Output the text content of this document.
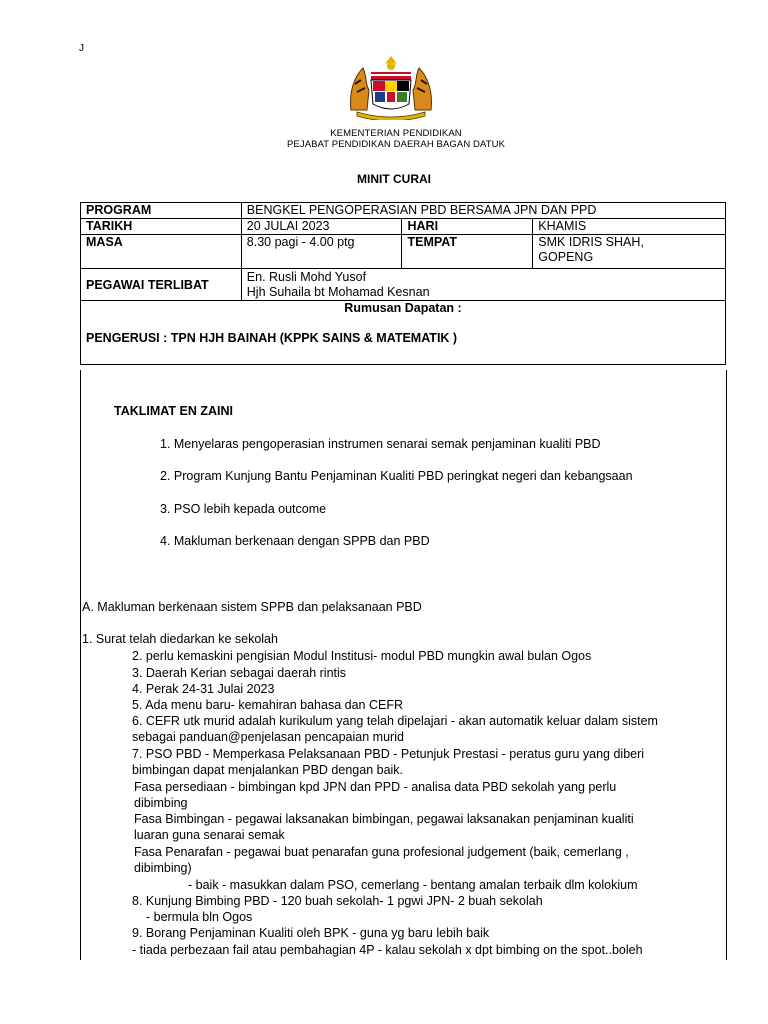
J
KEMENTERIAN PENDIDIKAN
PEJABAT PENDIDIKAN DAERAH BAGAN DATUK
MINIT CURAI
PROGRAM	BENGKEL PENGOPERASIAN PBD BERSAMA JPN DAN PPD		
TARIKH	20 JULAI 2023	HARI	KHAMIS
MASA	8.30 pagi - 4.00 ptg	TEMPAT	SMK IDRIS SHAH,
GOPENG

PEGAWAI TERLIBAT	En. Rusli Mohd Yusof
Hjh Suhaila bt Mohamad Kesnan		

Rumusan Dapatan :
PENGERUSI : TPN HJH BAINAH (KPPK SAINS & MATEMATIK )			
TAKLIMAT EN ZAINI
1. Menyelaras pengoperasian instrumen senarai semak penjaminan kualiti PBD
2. Program Kunjung Bantu Penjaminan Kualiti PBD peringkat negeri dan kebangsaan
3. PSO lebih kepada outcome
4. Makluman berkenaan dengan SPPB dan PBD
A. Makluman berkenaan sistem SPPB dan pelaksanaan PBD
1. Surat telah diedarkan ke sekolah
2. perlu kemaskini pengisian Modul Institusi- modul PBD mungkin awal bulan Ogos
3. Daerah Kerian sebagai daerah rintis
4. Perak 24-31 Julai 2023
5. Ada menu baru- kemahiran bahasa dan CEFR
6. CEFR utk murid adalah kurikulum yang telah dipelajari - akan automatik keluar dalam sistem
sebagai panduan@penjelasan pencapaian murid
7. PSO PBD - Memperkasa Pelaksanaan PBD - Petunjuk Prestasi - peratus guru yang diberi
bimbingan dapat menjalankan PBD dengan baik.
Fasa persediaan - bimbingan kpd JPN dan PPD - analisa data PBD sekolah yang perlu
dibimbing
Fasa Bimbingan - pegawai laksanakan bimbingan, pegawai laksanakan penjaminan kualiti
luaran guna senarai semak
Fasa Penarafan - pegawai buat penarafan guna profesional judgement (baik, cemerlang ,
dibimbing)
- baik - masukkan dalam PSO, cemerlang - bentang amalan terbaik dlm kolokium
8. Kunjung Bimbing PBD - 120 buah sekolah- 1 pgwi JPN- 2 buah sekolah
- bermula bln Ogos
9. Borang Penjaminan Kualiti oleh BPK - guna yg baru lebih baik
- tiada perbezaan fail atau pembahagian 4P - kalau sekolah x dpt bimbing on the spot..boleh
